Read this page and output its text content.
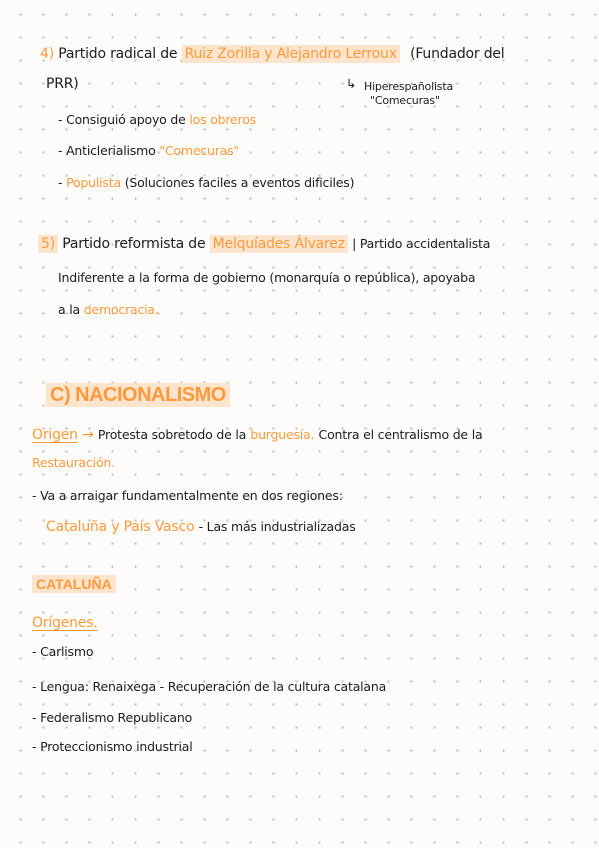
4) Partido radical de Ruiz Zorilla y Alejandro Lerroux (Fundador del
PRR)	↳ Hiperespañolista
"Comecuras"
- Consiguió apoyo de los obreros
- Anticlerialismo "Comecuras"
- Populista (Soluciones faciles a eventos dificiles)
5) Partido reformista de Melquíades Álvarez | Partido accidentalista
Indiferente a la forma de gobierno (monarquía o república), apoyaba
a la democracia.
C) NACIONALISMO
Origen → Protesta sobretodo de la burguesía. Contra el centralismo de la
Restauración.
- Va a arraigar fundamentalmente en dos regiones:
Cataluña y País Vasco - Las más industrializadas
CATALUÑA
Orígenes.
- Carlismo
- Lengua: Renaixega - Recuperación de la cultura catalana
- Federalismo Republicano
- Proteccionismo industrial
